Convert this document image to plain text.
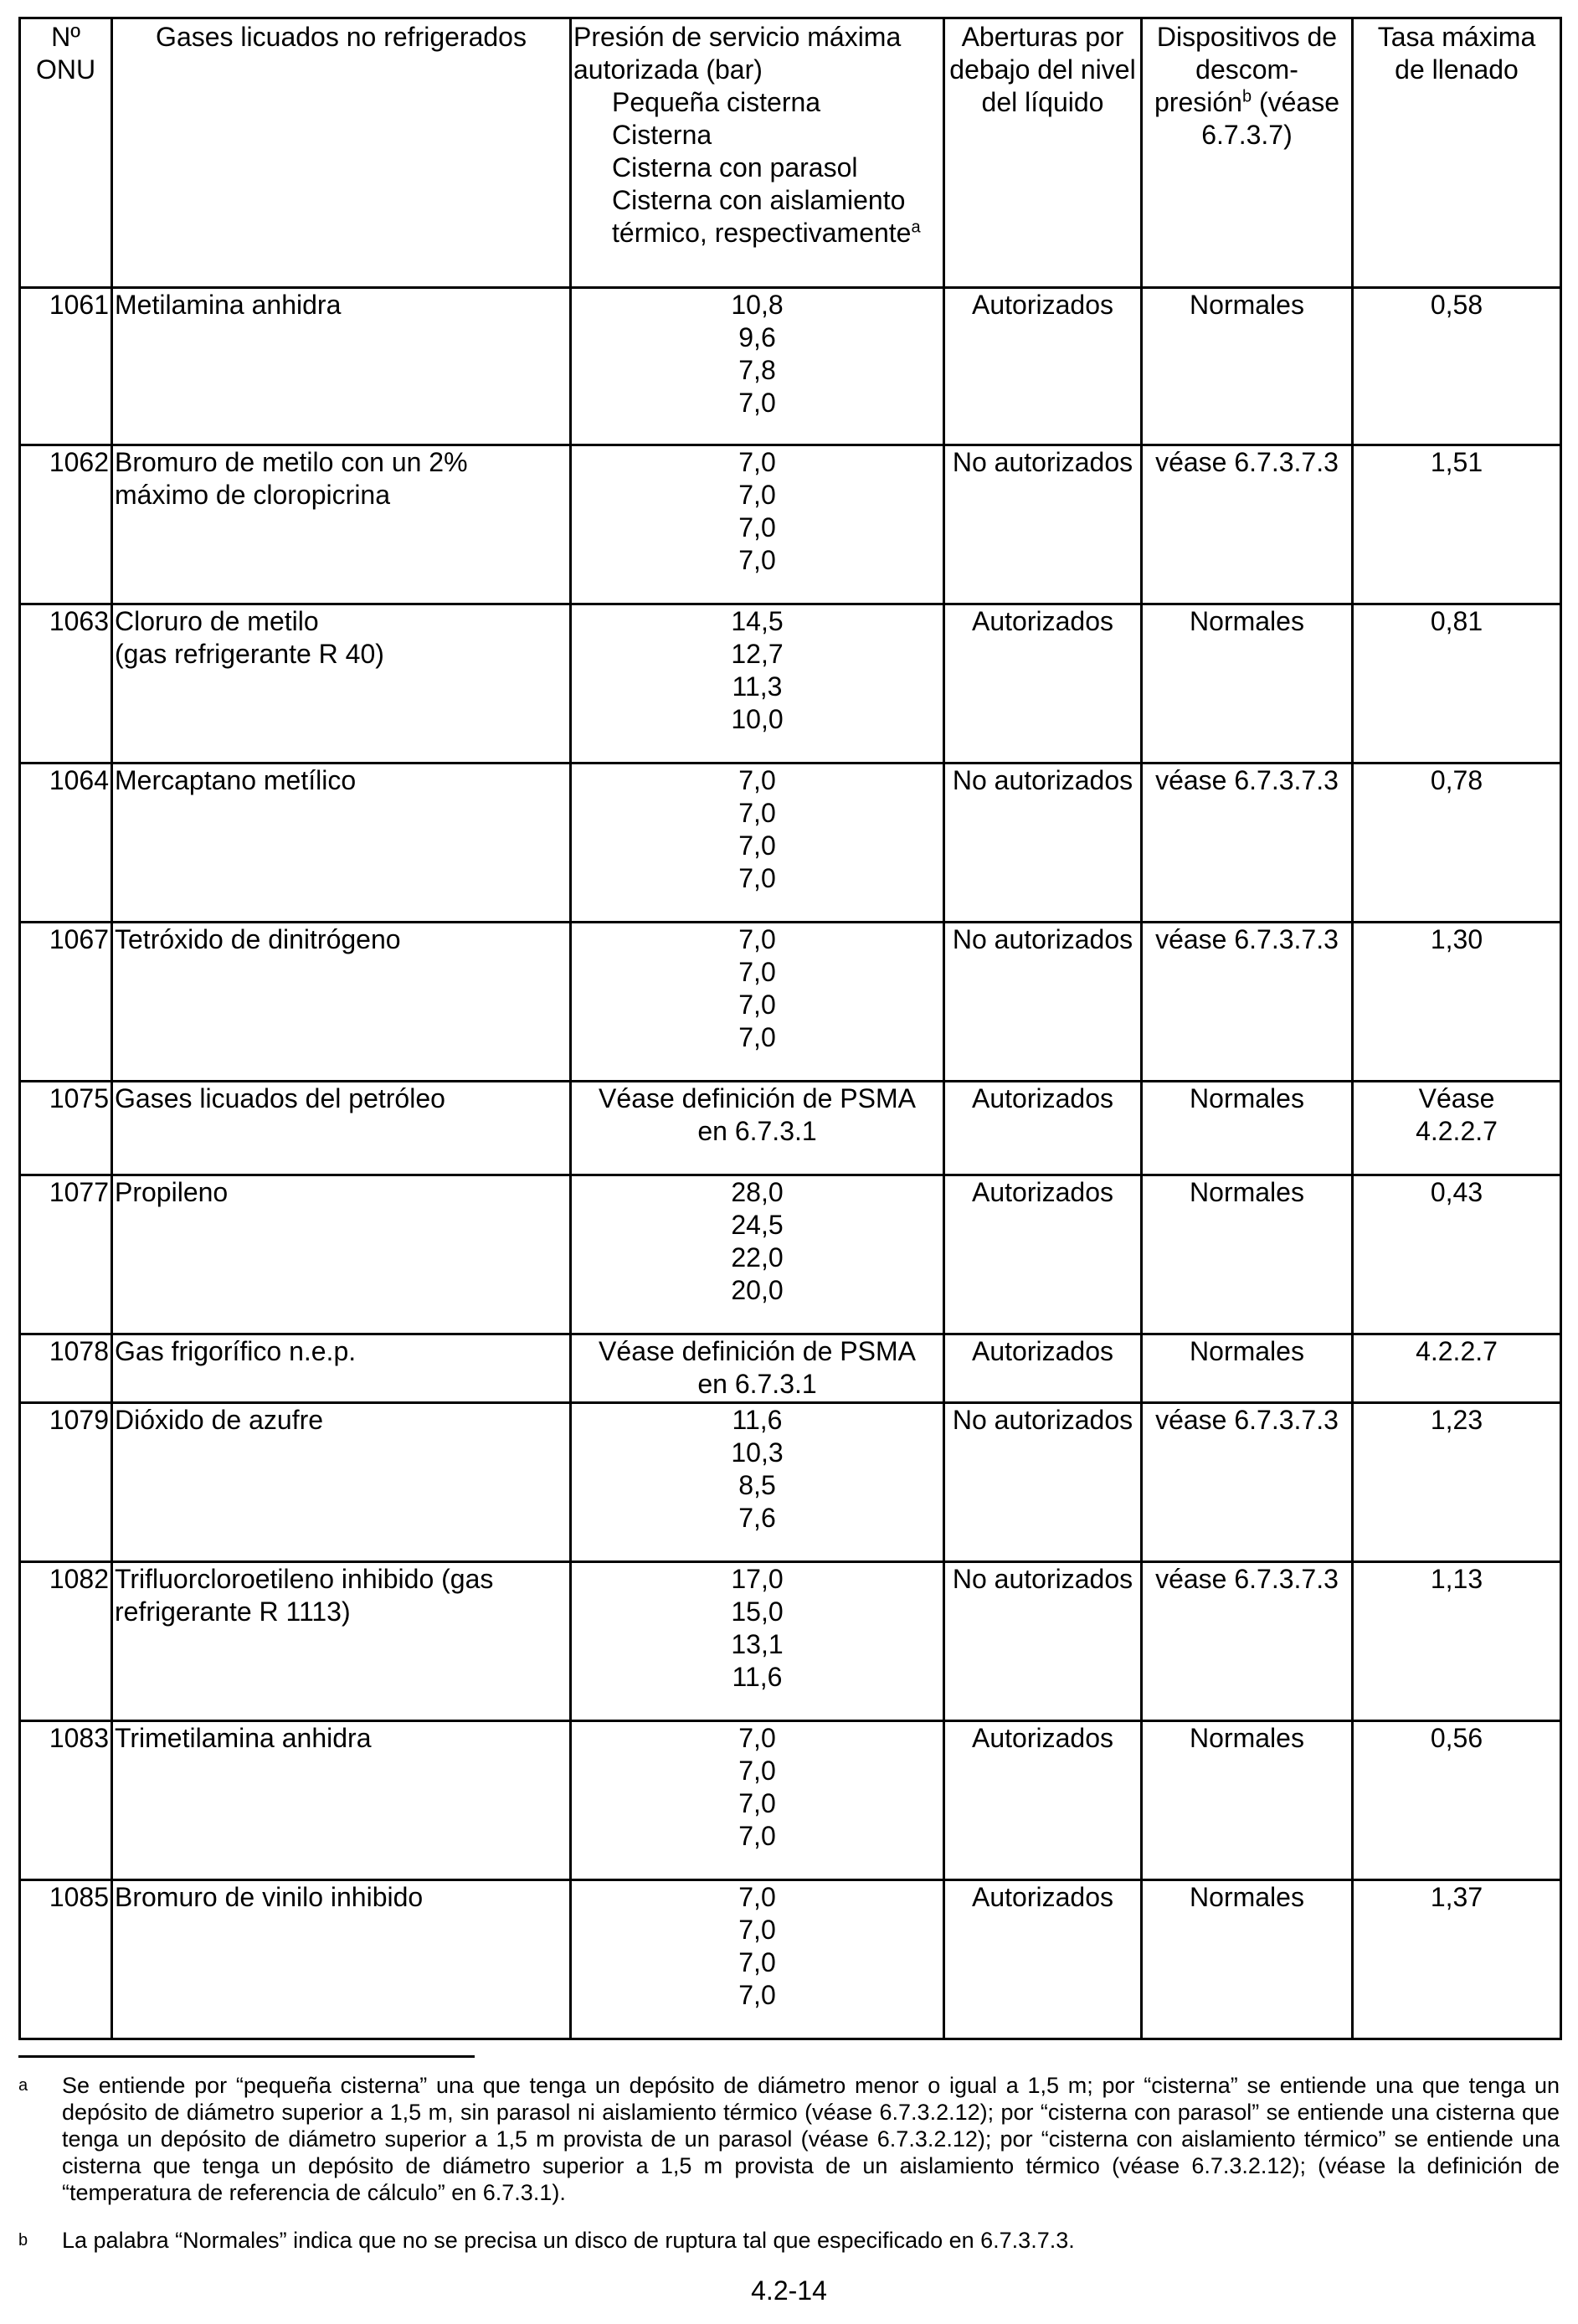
Nº
ONU	Gases licuados no refrigerados	Presión de servicio máxima autorizada (bar)
Pequeña cisterna
Cisterna
Cisterna con parasol
Cisterna con aislamiento térmico, respectivamente$^a$	Aberturas por debajo del nivel del líquido	Dispositivos de descom-
presión$^b$ (véase
6.7.3.7)	Tasa máxima
de llenado
1061	Metilamina anhidra	10,8
9,6
7,8
7,0	Autorizados	Normales	0,58
1062	Bromuro de metilo con un 2%
máximo de cloropicrina	7,0
7,0
7,0
7,0	No autorizados	véase 6.7.3.7.3	1,51
1063	Cloruro de metilo
(gas refrigerante R 40)	14,5
12,7
11,3
10,0	Autorizados	Normales	0,81
1064	Mercaptano metílico	7,0
7,0
7,0
7,0	No autorizados	véase 6.7.3.7.3	0,78
1067	Tetróxido de dinitrógeno	7,0
7,0
7,0
7,0	No autorizados	véase 6.7.3.7.3	1,30
1075	Gases licuados del petróleo	Véase definición de PSMA
en 6.7.3.1	Autorizados	Normales	Véase
4.2.2.7
1077	Propileno	28,0
24,5
22,0
20,0	Autorizados	Normales	0,43
1078	Gas frigorífico n.e.p.	Véase definición de PSMA
en 6.7.3.1	Autorizados	Normales	4.2.2.7
1079	Dióxido de azufre	11,6
10,3
8,5
7,6	No autorizados	véase 6.7.3.7.3	1,23
1082	Trifluorcloroetileno inhibido (gas
refrigerante R 1113)	17,0
15,0
13,1
11,6	No autorizados	véase 6.7.3.7.3	1,13
1083	Trimetilamina anhidra	7,0
7,0
7,0
7,0	Autorizados	Normales	0,56
1085	Bromuro de vinilo inhibido	7,0
7,0
7,0
7,0	Autorizados	Normales	1,37
a Se entiende por “pequeña cisterna” una que tenga un depósito de diámetro menor o igual a 1,5 m; por “cisterna” se entiende una que tenga un depósito de diámetro superior a 1,5 m, sin parasol ni aislamiento térmico (véase 6.7.3.2.12); por “cisterna con parasol” se entiende una cisterna que tenga un depósito de diámetro superior a 1,5 m provista de un parasol (véase 6.7.3.2.12); por “cisterna con aislamiento térmico” se entiende una cisterna que tenga un depósito de diámetro superior a 1,5 m provista de un aislamiento térmico (véase 6.7.3.2.12); (véase la definición de “temperatura de referencia de cálculo” en 6.7.3.1).
b La palabra “Normales” indica que no se precisa un disco de ruptura tal que especificado en 6.7.3.7.3.
4.2-14
